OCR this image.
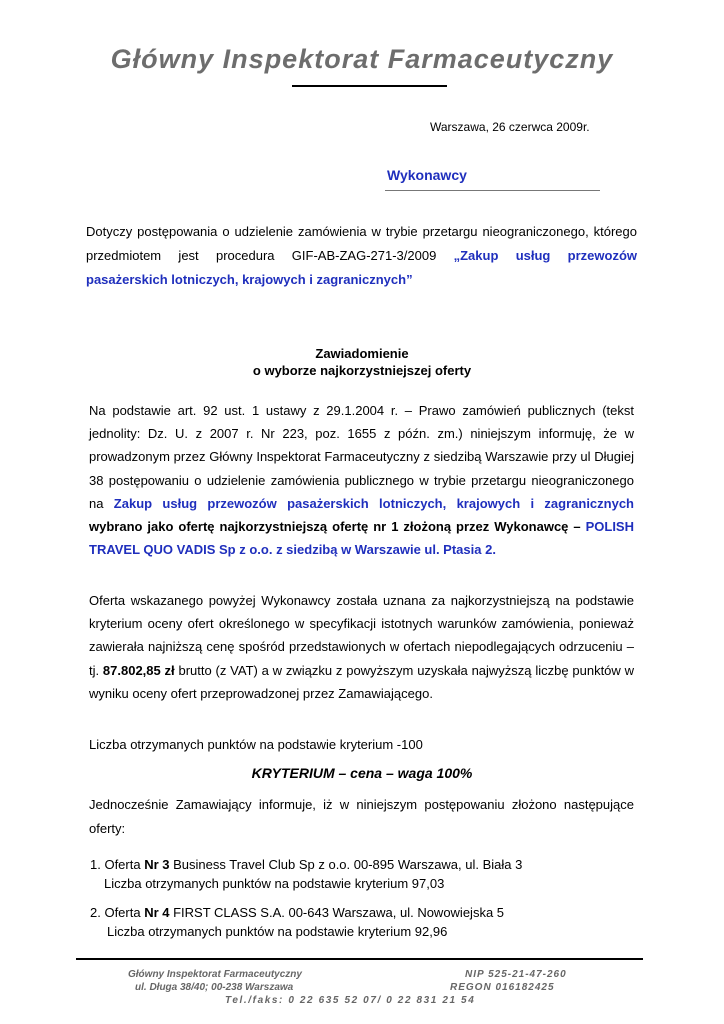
Główny Inspektorat Farmaceutyczny
Warszawa, 26 czerwca 2009r.
Wykonawcy
Dotyczy postępowania o udzielenie zamówienia w trybie przetargu nieograniczonego, którego przedmiotem jest procedura GIF-AB-ZAG-271-3/2009 „Zakup usług przewozów pasażerskich lotniczych, krajowych i zagranicznych”
Zawiadomienie
o wyborze najkorzystniejszej oferty
Na podstawie art. 92 ust. 1 ustawy z 29.1.2004 r. – Prawo zamówień publicznych (tekst jednolity: Dz. U. z 2007 r. Nr 223, poz. 1655 z późn. zm.) niniejszym informuję, że w prowadzonym przez Główny Inspektorat Farmaceutyczny z siedzibą Warszawie przy ul Długiej 38 postępowaniu o udzielenie zamówienia publicznego w trybie przetargu nieograniczonego na Zakup usług przewozów pasażerskich lotniczych, krajowych i zagranicznych wybrano jako ofertę najkorzystniejszą ofertę nr 1 złożoną przez Wykonawcę – POLISH TRAVEL QUO VADIS Sp z o.o. z siedzibą w Warszawie ul. Ptasia 2.
Oferta wskazanego powyżej Wykonawcy została uznana za najkorzystniejszą na podstawie kryterium oceny ofert określonego w specyfikacji istotnych warunków zamówienia, ponieważ zawierała najniższą cenę spośród przedstawionych w ofertach niepodlegających odrzuceniu – tj. 87.802,85 zł brutto (z VAT) a w związku z powyższym uzyskała najwyższą liczbę punktów w wyniku oceny ofert przeprowadzonej przez Zamawiającego.
Liczba otrzymanych punktów na podstawie kryterium -100
KRYTERIUM – cena – waga 100%
Jednocześnie Zamawiający informuje, iż w niniejszym postępowaniu złożono następujące oferty:
1. Oferta Nr 3 Business Travel Club Sp z o.o. 00-895 Warszawa, ul. Biała 3
Liczba otrzymanych punktów na podstawie kryterium 97,03
2. Oferta Nr 4 FIRST CLASS S.A. 00-643 Warszawa, ul. Nowowiejska 5
Liczba otrzymanych punktów na podstawie kryterium 92,96
Główny Inspektorat Farmaceutyczny
ul. Długa 38/40; 00-238 Warszawa
NIP 525-21-47-260
REGON 016182425
Tel./faks: 0 22 635 52 07/ 0 22 831 21 54
